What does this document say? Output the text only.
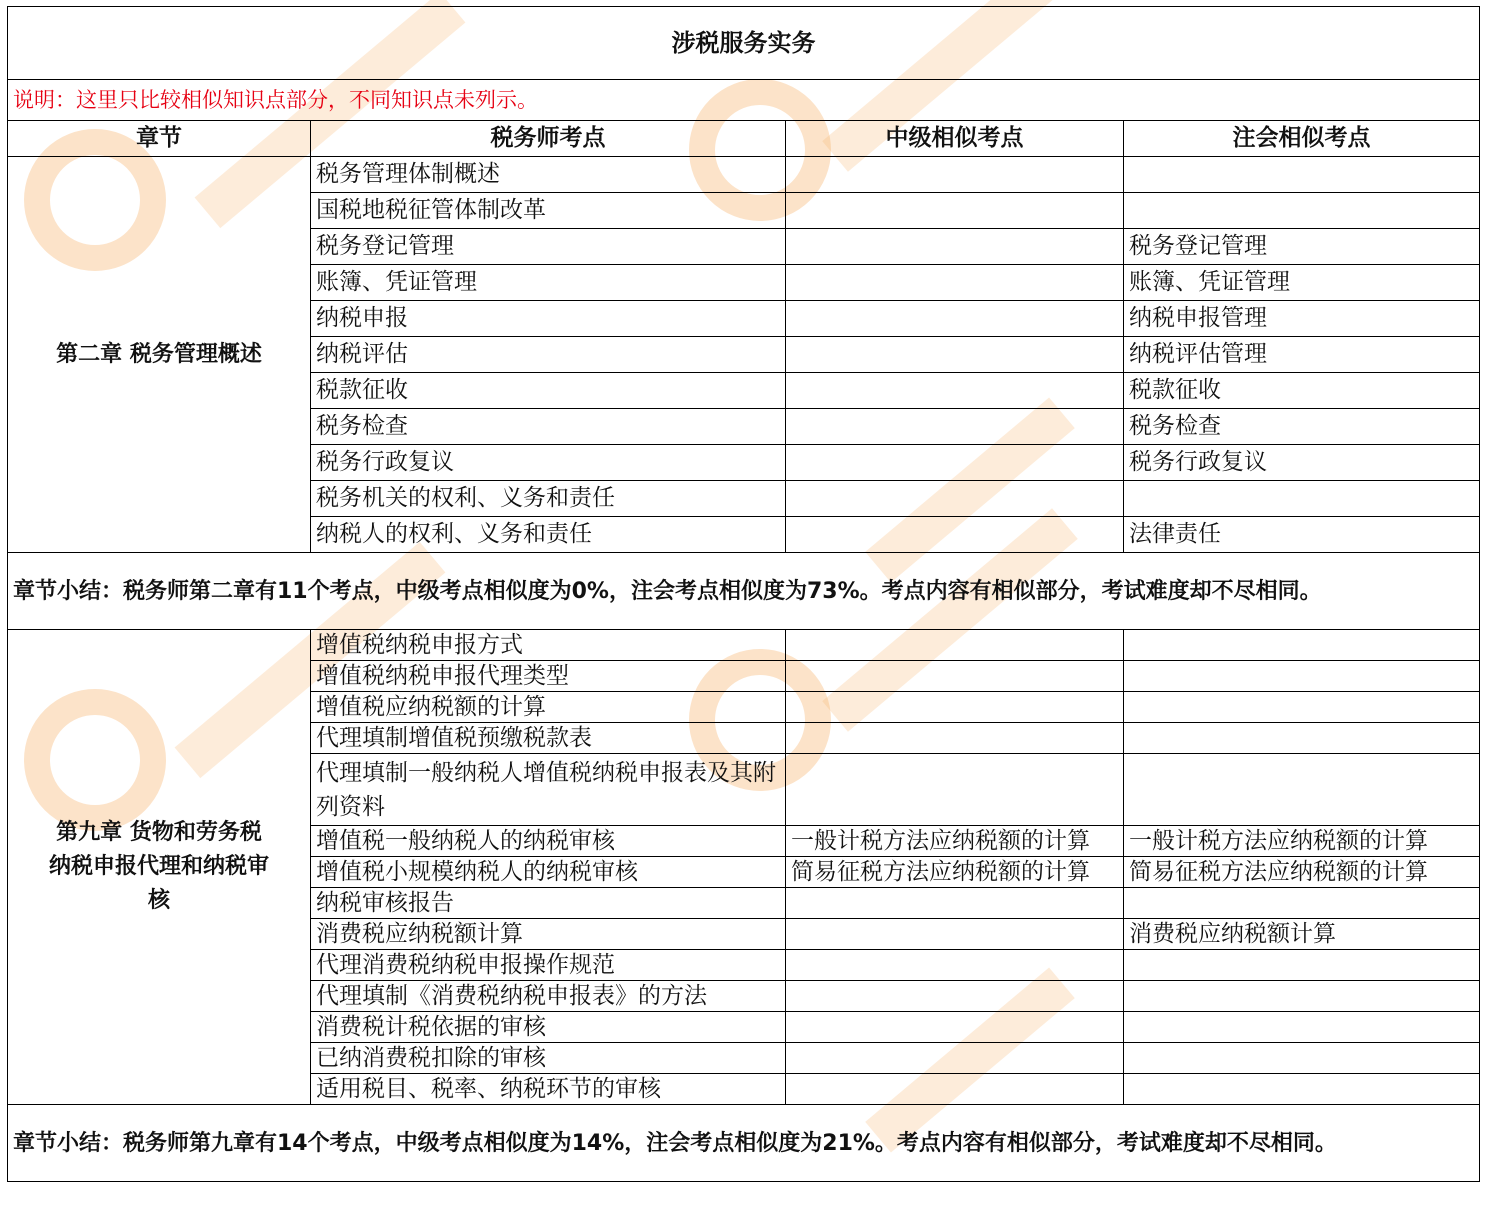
涉税服务实务			
说明：这里只比较相似知识点部分，不同知识点未列示。			
章节	税务师考点	中级相似考点	注会相似考点
第二章 税务管理概述	税务管理体制概述		
	国税地税征管体制改革		
	税务登记管理		税务登记管理
	账簿、凭证管理		账簿、凭证管理
	纳税申报		纳税申报管理
	纳税评估		纳税评估管理
	税款征收		税款征收
	税务检查		税务检查
	税务行政复议		税务行政复议
	税务机关的权利、义务和责任		
	纳税人的权利、义务和责任		法律责任
章节小结：税务师第二章有11个考点，中级考点相似度为0%，注会考点相似度为73%。考点内容有相似部分，考试难度却不尽相同。			
第九章 货物和劳务税纳税申报代理和纳税审核	增值税纳税申报方式		
	增值税纳税申报代理类型		
	增值税应纳税额的计算		
	代理填制增值税预缴税款表		
	代理填制一般纳税人增值税纳税申报表及其附列资料		
	增值税一般纳税人的纳税审核	一般计税方法应纳税额的计算	一般计税方法应纳税额的计算
	增值税小规模纳税人的纳税审核	简易征税方法应纳税额的计算	简易征税方法应纳税额的计算
	纳税审核报告		
	消费税应纳税额计算		消费税应纳税额计算
	代理消费税纳税申报操作规范		
	代理填制《消费税纳税申报表》的方法		
	消费税计税依据的审核		
	已纳消费税扣除的审核		
	适用税目、税率、纳税环节的审核		
章节小结：税务师第九章有14个考点，中级考点相似度为14%，注会考点相似度为21%。考点内容有相似部分，考试难度却不尽相同。			
